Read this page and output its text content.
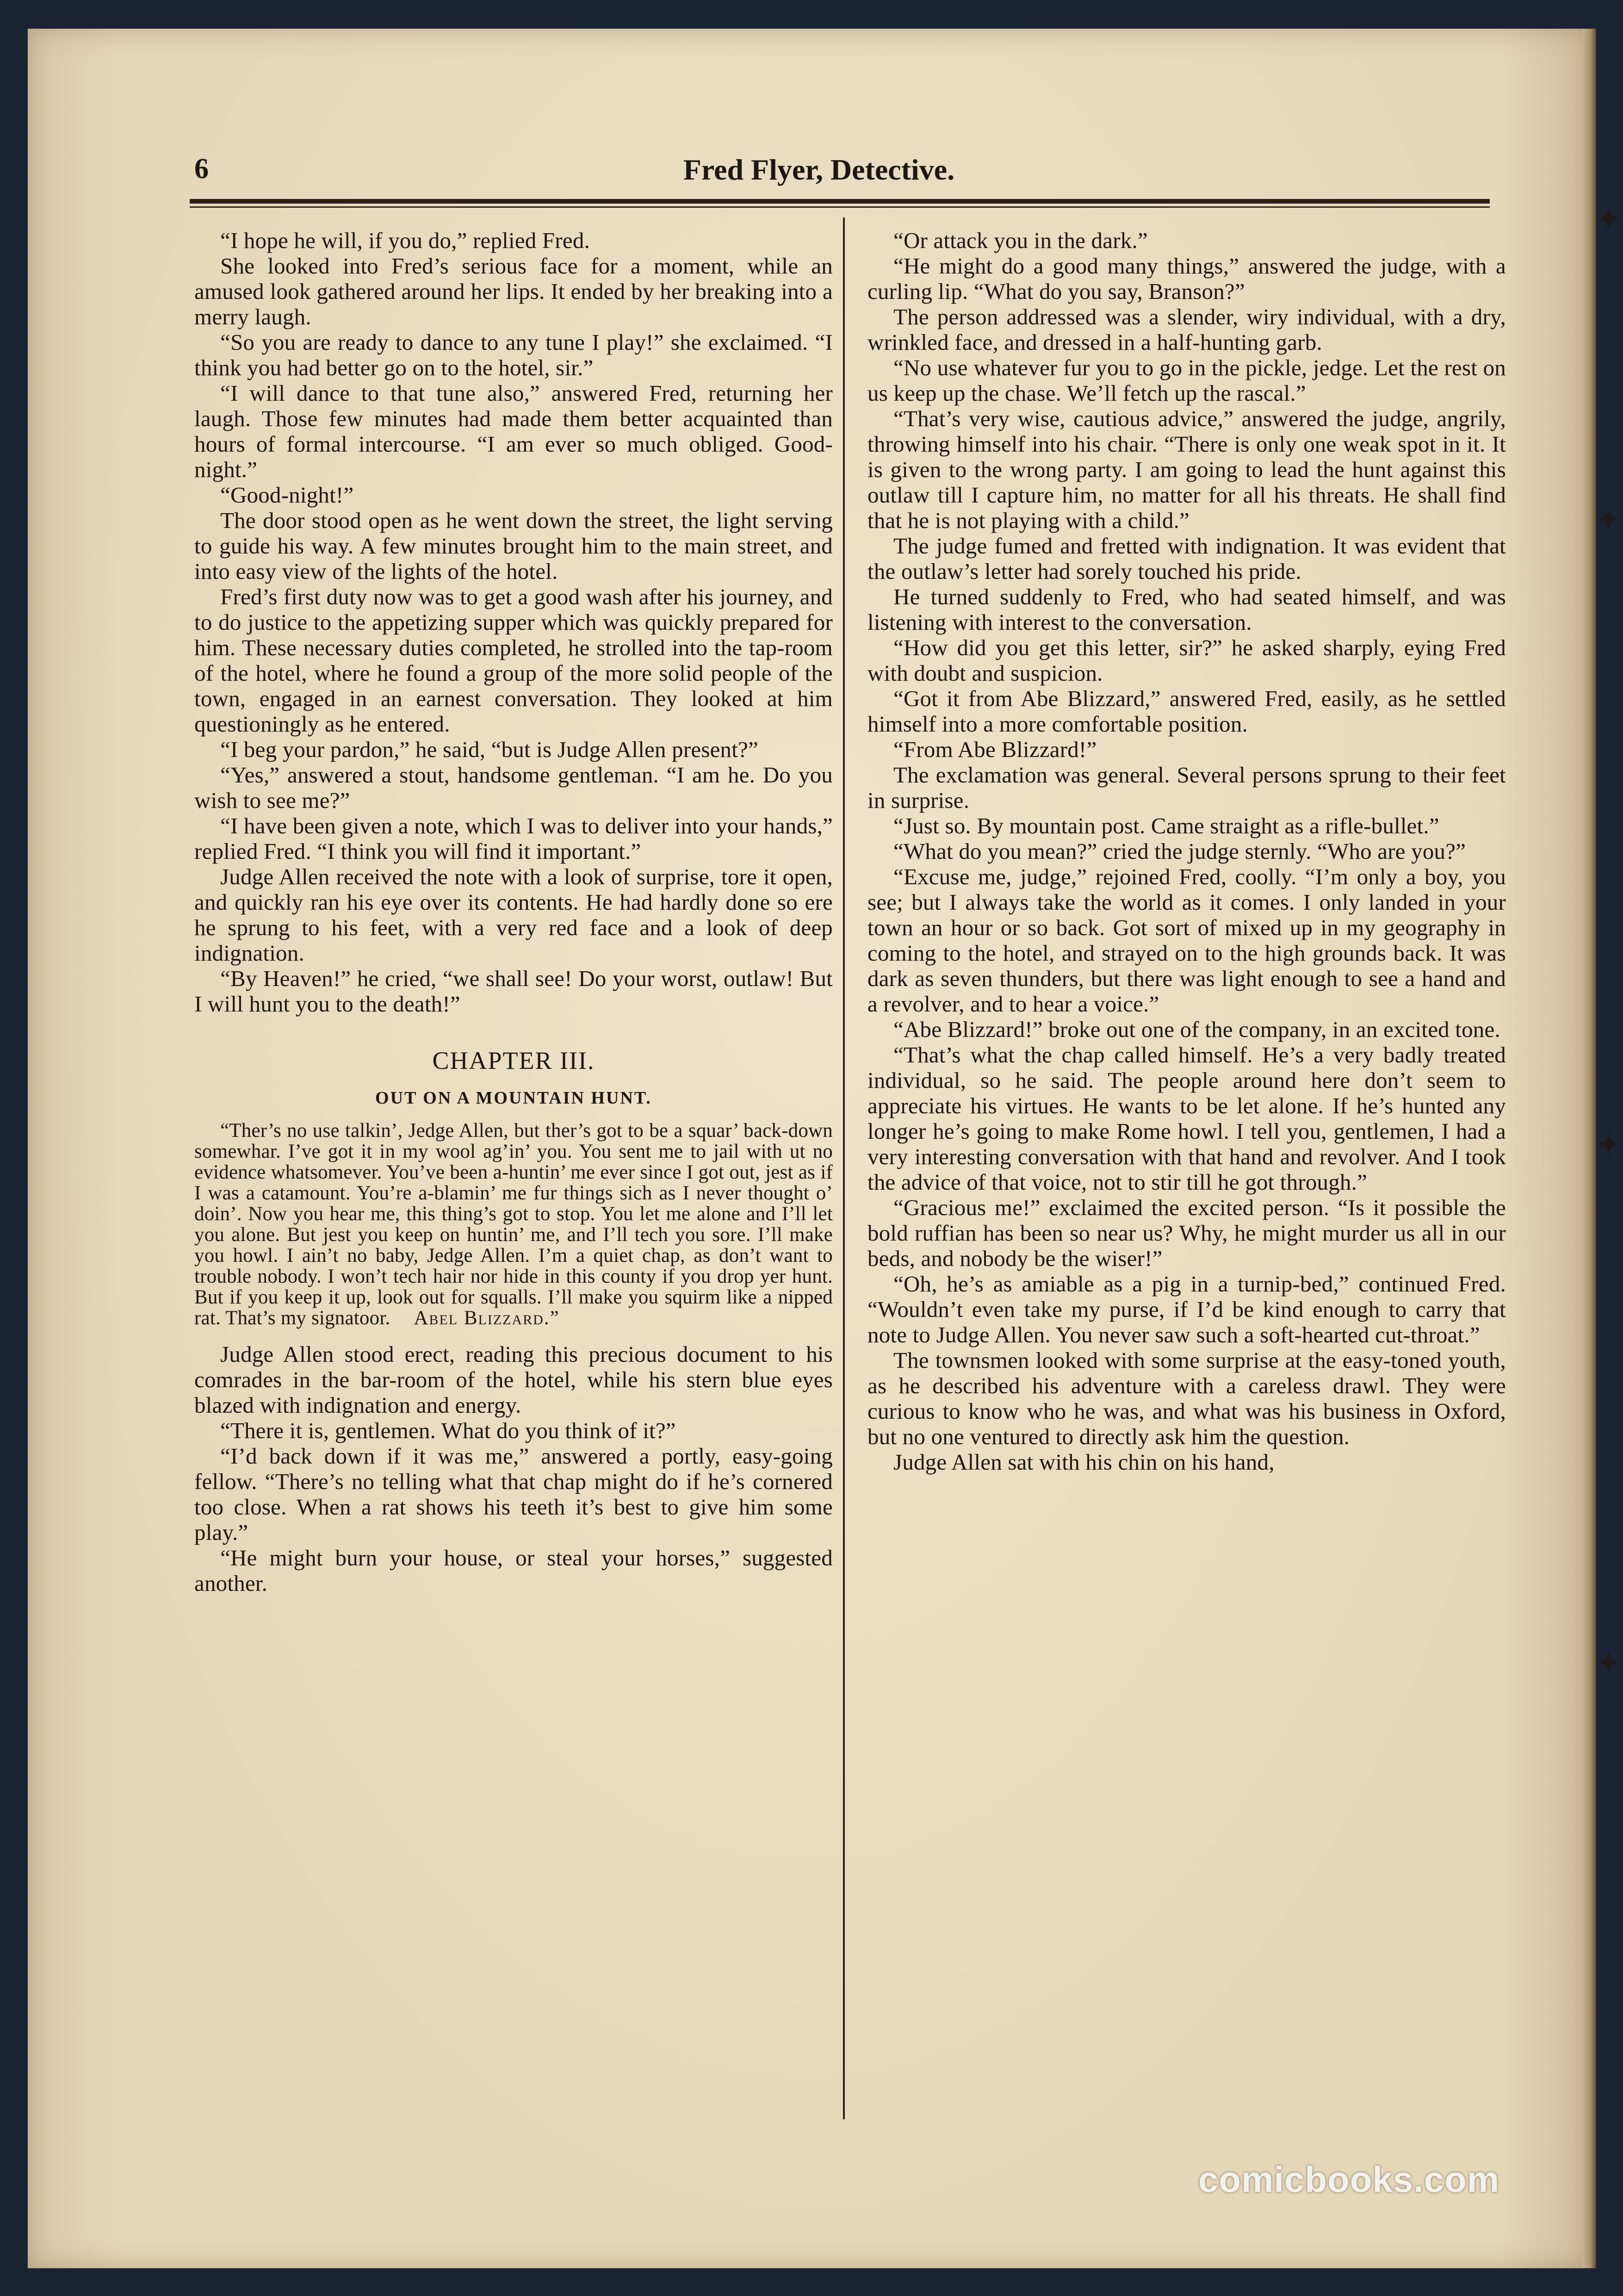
6	Fred Flyer, Detective.

“I hope he will, if you do,” replied Fred.

She looked into Fred’s serious face for a moment, while an amused look gathered around her lips. It ended by her breaking into a merry laugh.

“So you are ready to dance to any tune I play!” she exclaimed. “I think you had better go on to the hotel, sir.”

“I will dance to that tune also,” answered Fred, returning her laugh. Those few minutes had made them better acquainted than hours of formal intercourse. “I am ever so much obliged. Good-night.”

“Good-night!”

The door stood open as he went down the street, the light serving to guide his way. A few minutes brought him to the main street, and into easy view of the lights of the hotel.

Fred’s first duty now was to get a good wash after his journey, and to do justice to the appetizing supper which was quickly prepared for him. These necessary duties completed, he strolled into the tap-room of the hotel, where he found a group of the more solid people of the town, engaged in an earnest conversation. They looked at him questioningly as he entered.

“I beg your pardon,” he said, “but is Judge Allen present?”

“Yes,” answered a stout, handsome gentleman. “I am he. Do you wish to see me?”

“I have been given a note, which I was to deliver into your hands,” replied Fred. “I think you will find it important.”

Judge Allen received the note with a look of surprise, tore it open, and quickly ran his eye over its contents. He had hardly done so ere he sprung to his feet, with a very red face and a look of deep indignation.

“By Heaven!” he cried, “we shall see! Do your worst, outlaw! But I will hunt you to the death!”

CHAPTER III.
OUT ON A MOUNTAIN HUNT.

“Ther’s no use talkin’, Jedge Allen, but ther’s got to be a squar’ back-down somewhar. I’ve got it in my wool ag’in’ you. You sent me to jail with ut no evidence whatsomever. You’ve been a-huntin’ me ever since I got out, jest as if I was a catamount. You’re a-blamin’ me fur things sich as I never thought o’ doin’. Now you hear me, this thing’s got to stop. You let me alone and I’ll let you alone. But jest you keep on huntin’ me, and I’ll tech you sore. I’ll make you howl. I ain’t no baby, Jedge Allen. I’m a quiet chap, as don’t want to trouble nobody. I won’t tech hair nor hide in this county if you drop yer hunt. But if you keep it up, look out for squalls. I’ll make you squirm like a nipped rat. That’s my signatoor. Abel Blizzard.”

Judge Allen stood erect, reading this precious document to his comrades in the bar-room of the hotel, while his stern blue eyes blazed with indignation and energy.

“There it is, gentlemen. What do you think of it?”

“I’d back down if it was me,” answered a portly, easy-going fellow. “There’s no telling what that chap might do if he’s cornered too close. When a rat shows his teeth it’s best to give him some play.”

“He might burn your house, or steal your horses,” suggested another.

“Or attack you in the dark.”

“He might do a good many things,” answered the judge, with a curling lip. “What do you say, Branson?”

The person addressed was a slender, wiry individual, with a dry, wrinkled face, and dressed in a half-hunting garb.

“No use whatever fur you to go in the pickle, jedge. Let the rest on us keep up the chase. We’ll fetch up the rascal.”

“That’s very wise, cautious advice,” answered the judge, angrily, throwing himself into his chair. “There is only one weak spot in it. It is given to the wrong party. I am going to lead the hunt against this outlaw till I capture him, no matter for all his threats. He shall find that he is not playing with a child.”

The judge fumed and fretted with indignation. It was evident that the outlaw’s letter had sorely touched his pride.

He turned suddenly to Fred, who had seated himself, and was listening with interest to the conversation.

“How did you get this letter, sir?” he asked sharply, eying Fred with doubt and suspicion.

“Got it from Abe Blizzard,” answered Fred, easily, as he settled himself into a more comfortable position.

“From Abe Blizzard!”

The exclamation was general. Several persons sprung to their feet in surprise.

“Just so. By mountain post. Came straight as a rifle-bullet.”

“What do you mean?” cried the judge sternly. “Who are you?”

“Excuse me, judge,” rejoined Fred, coolly. “I’m only a boy, you see; but I always take the world as it comes. I only landed in your town an hour or so back. Got sort of mixed up in my geography in coming to the hotel, and strayed on to the high grounds back. It was dark as seven thunders, but there was light enough to see a hand and a revolver, and to hear a voice.”

“Abe Blizzard!” broke out one of the company, in an excited tone.

“That’s what the chap called himself. He’s a very badly treated individual, so he said. The people around here don’t seem to appreciate his virtues. He wants to be let alone. If he’s hunted any longer he’s going to make Rome howl. I tell you, gentlemen, I had a very interesting conversation with that hand and revolver. And I took the advice of that voice, not to stir till he got through.”

“Gracious me!” exclaimed the excited person. “Is it possible the bold ruffian has been so near us? Why, he might murder us all in our beds, and nobody be the wiser!”

“Oh, he’s as amiable as a pig in a turnip-bed,” continued Fred. “Wouldn’t even take my purse, if I’d be kind enough to carry that note to Judge Allen. You never saw such a soft-hearted cut-throat.”

The townsmen looked with some surprise at the easy-toned youth, as he described his adventure with a careless drawl. They were curious to know who he was, and what was his business in Oxford, but no one ventured to directly ask him the question.

Judge Allen sat with his chin on his hand,

comicbooks.com
